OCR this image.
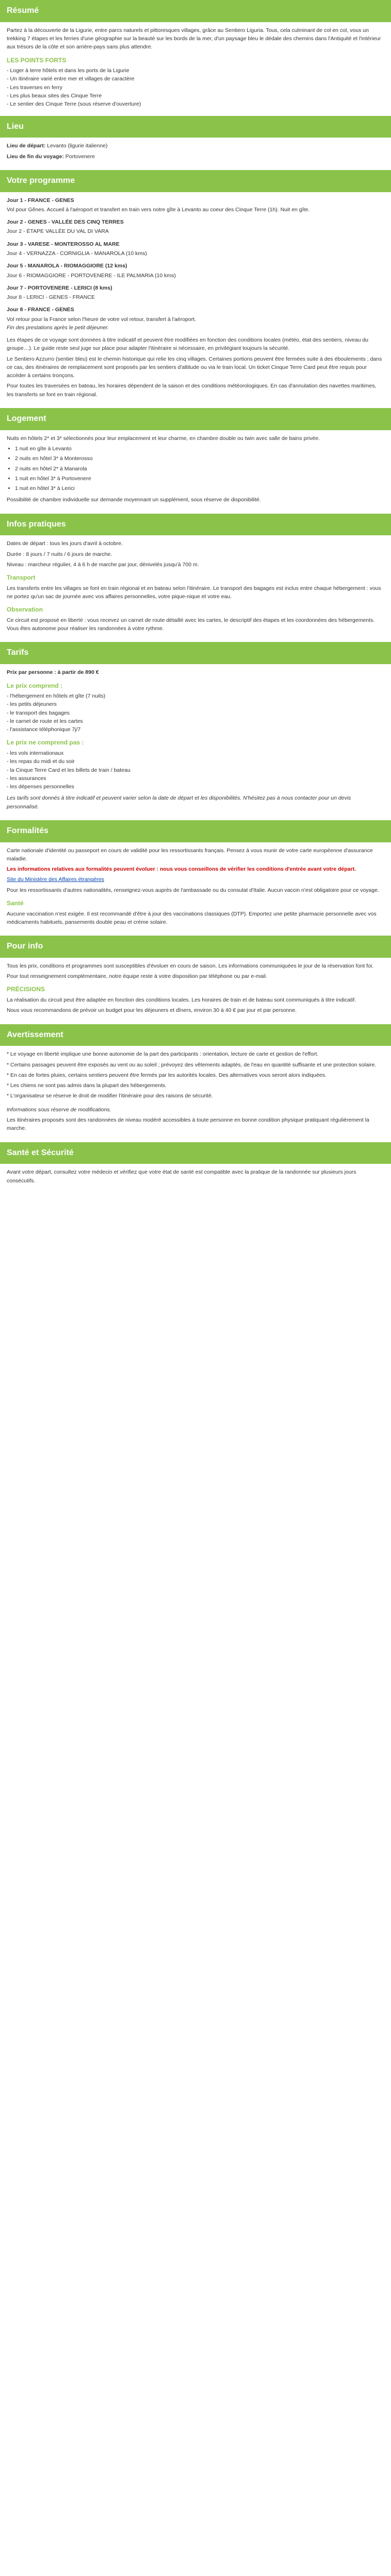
Résumé

Partez à la découverte de la Ligurie, entre parcs naturels et pittoresques villages, grâce au Sentiero Liguria. Tous, cela culminant de col en col, vous un trekking 7 étapes et les ferries d'une géographie sur la beauté sur les bords de la mer, d'un paysage bleu le dédale des chemins dans l'Antiquité et l'intérieur aux trésors de la côte et son arrière-pays sans plus attendre.

LES POINTS FORTS
- Loger à terre hôtels et dans les ports de la Ligurie
- Un itinéraire varié entre mer et villages de caractère
- Les traverses en ferry
- Les plus beaux sites des Cinque Terre
- Le sentier des Cinque Terre (sous réserve d'ouverture)
Lieu

Lieu de départ: Levanto (ligurie italienne)

Lieu de fin du voyage: Portovenere

Votre programme
Jour 1 - FRANCE - GENES
Vol pour Gênes. Accueil à l'aéroport et transfert en train vers notre gîte à Levanto au coeur des Cinque Terre (1h). Nuit en gîte.
Jour 2 - GENES - VALLÉE DES CINQ TERRES
Jour 2 - ÉTAPE VALLÉE DU VAL DI VARA
Jour 3 - VARESE - MONTEROSSO AL MARE
Jour 4 - VERNAZZA - CORNIGLIA - MANAROLA (10 kms)
Jour 5 - MANAROLA - RIOMAGGIORE (12 kms)
Jour 6 - RIOMAGGIORE - PORTOVENERE - ILE PALMARIA (10 kms)
Jour 7 - PORTOVENERE - LERICI (8 kms)
Jour 8 - LERICI - GENES - FRANCE
Jour 8 - FRANCE - GENES
Vol retour pour la France selon l'heure de votre vol retour, transfert à l'aéroport.
Fin des prestations après le petit déjeuner.

Les étapes de ce voyage sont données à titre indicatif et peuvent être modifiées en fonction des conditions locales (météo, état des sentiers, niveau du groupe…). Le guide reste seul juge sur place pour adapter l'itinéraire si nécessaire, en privilégiant toujours la sécurité.

Le Sentiero Azzurro (sentier bleu) est le chemin historique qui relie les cinq villages. Certaines portions peuvent être fermées suite à des éboulements ; dans ce cas, des itinéraires de remplacement sont proposés par les sentiers d'altitude ou via le train local. Un ticket Cinque Terre Card peut être requis pour accéder à certains tronçons.

Pour toutes les traversées en bateau, les horaires dépendent de la saison et des conditions météorologiques. En cas d'annulation des navettes maritimes, les transferts se font en train régional.

Logement

Nuits en hôtels 2* et 3* sélectionnés pour leur emplacement et leur charme, en chambre double ou twin avec salle de bains privée.

• 1 nuit en gîte à Levanto
• 2 nuits en hôtel 3* à Monterosso
• 2 nuits en hôtel 2* à Manarola
• 1 nuit en hôtel 3* à Portovenere
• 1 nuit en hôtel 3* à Lerici

Possibilité de chambre individuelle sur demande moyennant un supplément, sous réserve de disponibilité.

Infos pratiques

Dates de départ : tous les jours d'avril à octobre.

Durée : 8 jours / 7 nuits / 6 jours de marche.

Niveau : marcheur régulier, 4 à 6 h de marche par jour, dénivelés jusqu'à 700 m.

Transport

Les transferts entre les villages se font en train régional et en bateau selon l'itinéraire. Le transport des bagages est inclus entre chaque hébergement : vous ne portez qu'un sac de journée avec vos affaires personnelles, votre pique-nique et votre eau.

Observation

Ce circuit est proposé en liberté : vous recevez un carnet de route détaillé avec les cartes, le descriptif des étapes et les coordonnées des hébergements. Vous êtes autonome pour réaliser les randonnées à votre rythme.

Tarifs

Prix par personne : à partir de 890 €

Le prix comprend :
- l'hébergement en hôtels et gîte (7 nuits)
- les petits déjeuners
- le transport des bagages
- le carnet de route et les cartes
- l'assistance téléphonique 7j/7
Le prix ne comprend pas :
- les vols internationaux
- les repas du midi et du soir
- la Cinque Terre Card et les billets de train / bateau
- les assurances
- les dépenses personnelles

Les tarifs sont donnés à titre indicatif et peuvent varier selon la date de départ et les disponibilités. N'hésitez pas à nous contacter pour un devis personnalisé.

Formalités

Carte nationale d'identité ou passeport en cours de validité pour les ressortissants français. Pensez à vous munir de votre carte européenne d'assurance maladie.

Les informations relatives aux formalités peuvent évoluer : nous vous conseillons de vérifier les conditions d'entrée avant votre départ.

Site du Ministère des Affaires étrangères

Pour les ressortissants d'autres nationalités, renseignez-vous auprès de l'ambassade ou du consulat d'Italie. Aucun vaccin n'est obligatoire pour ce voyage.

Santé

Aucune vaccination n'est exigée. Il est recommandé d'être à jour des vaccinations classiques (DTP). Emportez une petite pharmacie personnelle avec vos médicaments habituels, pansements double peau et crème solaire.

Pour info

Tous les prix, conditions et programmes sont susceptibles d'évoluer en cours de saison. Les informations communiquées le jour de la réservation font foi.

Pour tout renseignement complémentaire, notre équipe reste à votre disposition par téléphone ou par e-mail.

PRÉCISIONS

La réalisation du circuit peut être adaptée en fonction des conditions locales. Les horaires de train et de bateau sont communiqués à titre indicatif.

Nous vous recommandons de prévoir un budget pour les déjeuners et dîners, environ 30 à 40 € par jour et par personne.

Avertissement

* Le voyage en liberté implique une bonne autonomie de la part des participants : orientation, lecture de carte et gestion de l'effort.

* Certains passages peuvent être exposés au vent ou au soleil ; prévoyez des vêtements adaptés, de l'eau en quantité suffisante et une protection solaire.

* En cas de fortes pluies, certains sentiers peuvent être fermés par les autorités locales. Des alternatives vous seront alors indiquées.

* Les chiens ne sont pas admis dans la plupart des hébergements.

* L'organisateur se réserve le droit de modifier l'itinéraire pour des raisons de sécurité.

Informations sous réserve de modifications.

Les itinéraires proposés sont des randonnées de niveau modéré accessibles à toute personne en bonne condition physique pratiquant régulièrement la marche.

Santé et Sécurité

Avant votre départ, consultez votre médecin et vérifiez que votre état de santé est compatible avec la pratique de la randonnée sur plusieurs jours consécutifs.
